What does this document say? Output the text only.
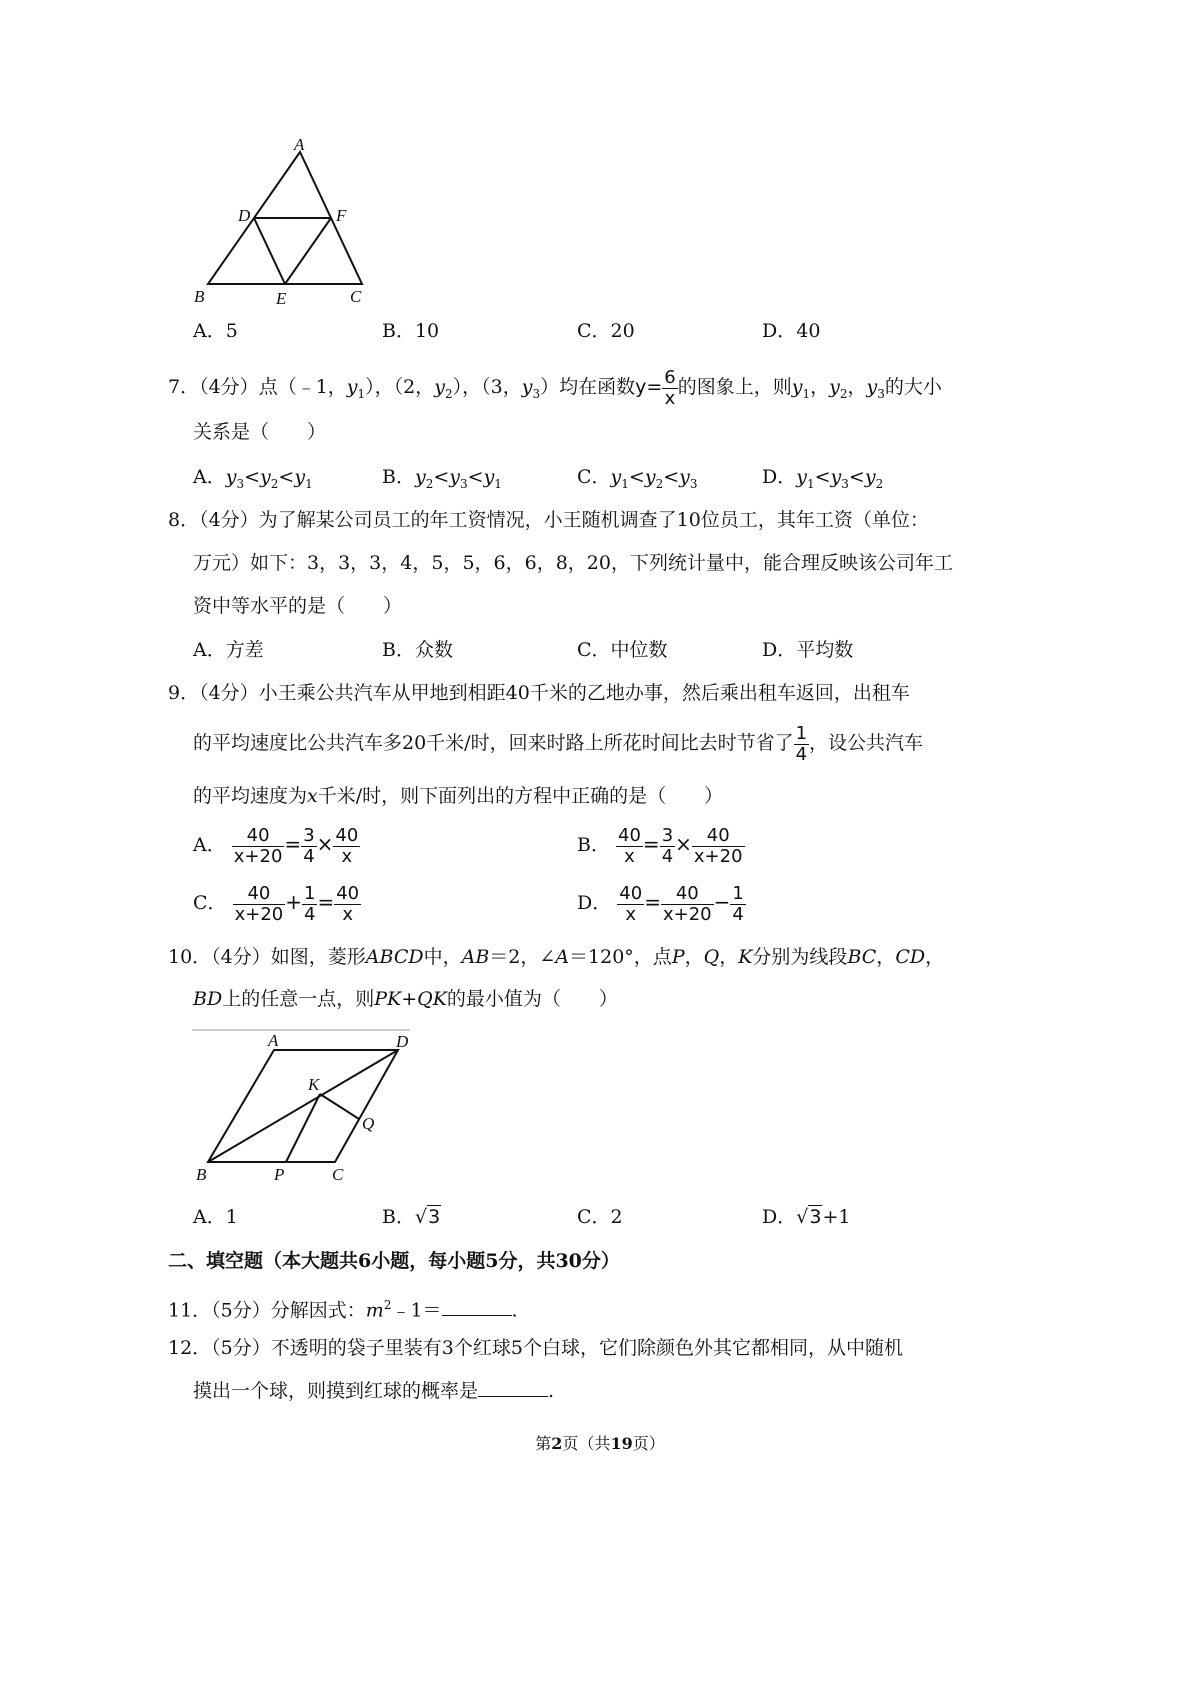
A
D	F
B	E	C
A．5	B．10	C．20	D．40
7．（4分）点（﹣1，$y_1$），（2，$y_2$），（3，$y_3$）均在函数$y= \frac{6}{x}$ 的图象上，则$y_1$，$y_2$，$y_3$的大小
关系是（　　）
A．$y_3<y_2<y_1$	B．$y_2<y_3<y_1$	C．$y_1<y_2<y_3$	D．$y_1<y_3<y_2$
8．（4分）为了解某公司员工的年工资情况，小王随机调查了10位员工，其年工资（单位：
万元）如下：3，3，3，4，5，5，6，6，8，20，下列统计量中，能合理反映该公司年工
资中等水平的是（　　）
A．方差	B．众数	C．中位数	D．平均数
9．（4分）小王乘公共汽车从甲地到相距40千米的乙地办事，然后乘出租车返回，出租车
的平均速度比公共汽车多20千米/时，回来时路上所花时间比去时节省了 $\frac{1}{4}$ ，设公共汽车
的平均速度为x千米/时，则下面列出的方程中正确的是（　　）
A． $\frac{40}{x+20} = \frac{3}{4} \times \frac{40}{x}$	B． $\frac{40}{x} = \frac{3}{4} \times \frac{40}{x+20}$
C． $\frac{40}{x+20} + \frac{1}{4} = \frac{40}{x}$	D． $\frac{40}{x} = \frac{40}{x+20} - \frac{1}{4}$
10．（4分）如图，菱形ABCD中，AB＝2，∠A＝120°，点P，Q，K分别为线段BC，CD，
BD上的任意一点，则PK+QK的最小值为（　　）
A	D
K
Q
B	P	C
A．1	B．√3	C．2	D．√3+1
二、填空题（本大题共6小题，每小题5分，共30分）
11．（5分）分解因式：$m^2﹣1=$	.
12．（5分）不透明的袋子里装有3个红球5个白球，它们除颜色外其它都相同，从中随机
摸出一个球，则摸到红球的概率是	.
第2页（共19页）
